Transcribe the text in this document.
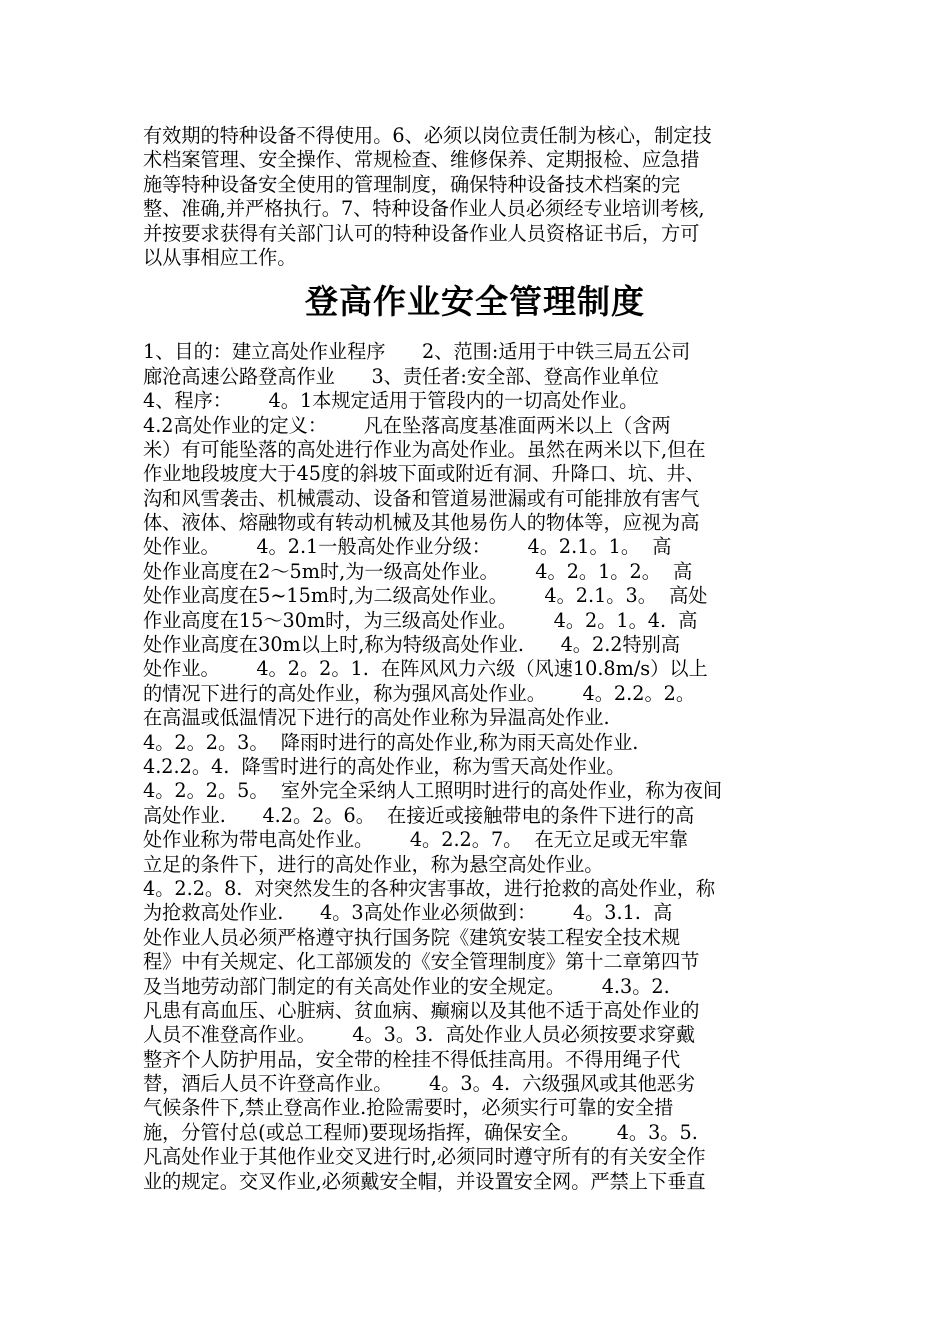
有效期的特种设备不得使用。6、必须以岗位责任制为核心，制定技
术档案管理、安全操作、常规检查、维修保养、定期报检、应急措
施等特种设备安全使用的管理制度，确保特种设备技术档案的完
整、准确,并严格执行。7、特种设备作业人员必须经专业培训考核,
并按要求获得有关部门认可的特种设备作业人员资格证书后，方可
以从事相应工作。
登高作业安全管理制度
1、目的：建立高处作业程序      2、范围:适用于中铁三局五公司
廊沧高速公路登高作业      3、责任者:安全部、登高作业单位
4、程序：      4。1本规定适用于管段内的一切高处作业。
4.2高处作业的定义：      凡在坠落高度基准面两米以上（含两
米）有可能坠落的高处进行作业为高处作业。虽然在两米以下,但在
作业地段坡度大于45度的斜坡下面或附近有洞、升降口、坑、井、
沟和风雪袭击、机械震动、设备和管道易泄漏或有可能排放有害气
体、液体、熔融物或有转动机械及其他易伤人的物体等，应视为高
处作业。      4。2.1一般高处作业分级：      4。2.1。1。  高
处作业高度在2～5m时,为一级高处作业。      4。2。1。2。  高
处作业高度在5~15m时,为二级高处作业。      4。2.1。3。  高处
作业高度在15～30m时，为三级高处作业。      4。2。1。4.  高
处作业高度在30m以上时,称为特级高处作业.      4。2.2特别高
处作业。      4。2。2。1.  在阵风风力六级（风速10.8m/s）以上
的情况下进行的高处作业，称为强风高处作业。      4。2.2。2。
在高温或低温情况下进行的高处作业称为异温高处作业.
4。2。2。3。  降雨时进行的高处作业,称为雨天高处作业.
4.2.2。4.  降雪时进行的高处作业，称为雪天高处作业。
4。2。2。5。  室外完全采纳人工照明时进行的高处作业，称为夜间
高处作业.      4.2。2。6。  在接近或接触带电的条件下进行的高
处作业称为带电高处作业。      4。2.2。7。  在无立足或无牢靠
立足的条件下，进行的高处作业，称为悬空高处作业。
4。2.2。8.  对突然发生的各种灾害事故，进行抢救的高处作业，称
为抢救高处作业.      4。3高处作业必须做到：      4。3.1.  高
处作业人员必须严格遵守执行国务院《建筑安装工程安全技术规
程》中有关规定、化工部颁发的《安全管理制度》第十二章第四节
及当地劳动部门制定的有关高处作业的安全规定。      4.3。2.
凡患有高血压、心脏病、贫血病、癫痫以及其他不适于高处作业的
人员不准登高作业。      4。3。3.  高处作业人员必须按要求穿戴
整齐个人防护用品，安全带的栓挂不得低挂高用。不得用绳子代
替，酒后人员不许登高作业。      4。3。4.  六级强风或其他恶劣
气候条件下,禁止登高作业.抢险需要时，必须实行可靠的安全措
施，分管付总(或总工程师)要现场指挥，确保安全。      4。3。5.
凡高处作业于其他作业交叉进行时,必须同时遵守所有的有关安全作
业的规定。交叉作业,必须戴安全帽，并设置安全网。严禁上下垂直
